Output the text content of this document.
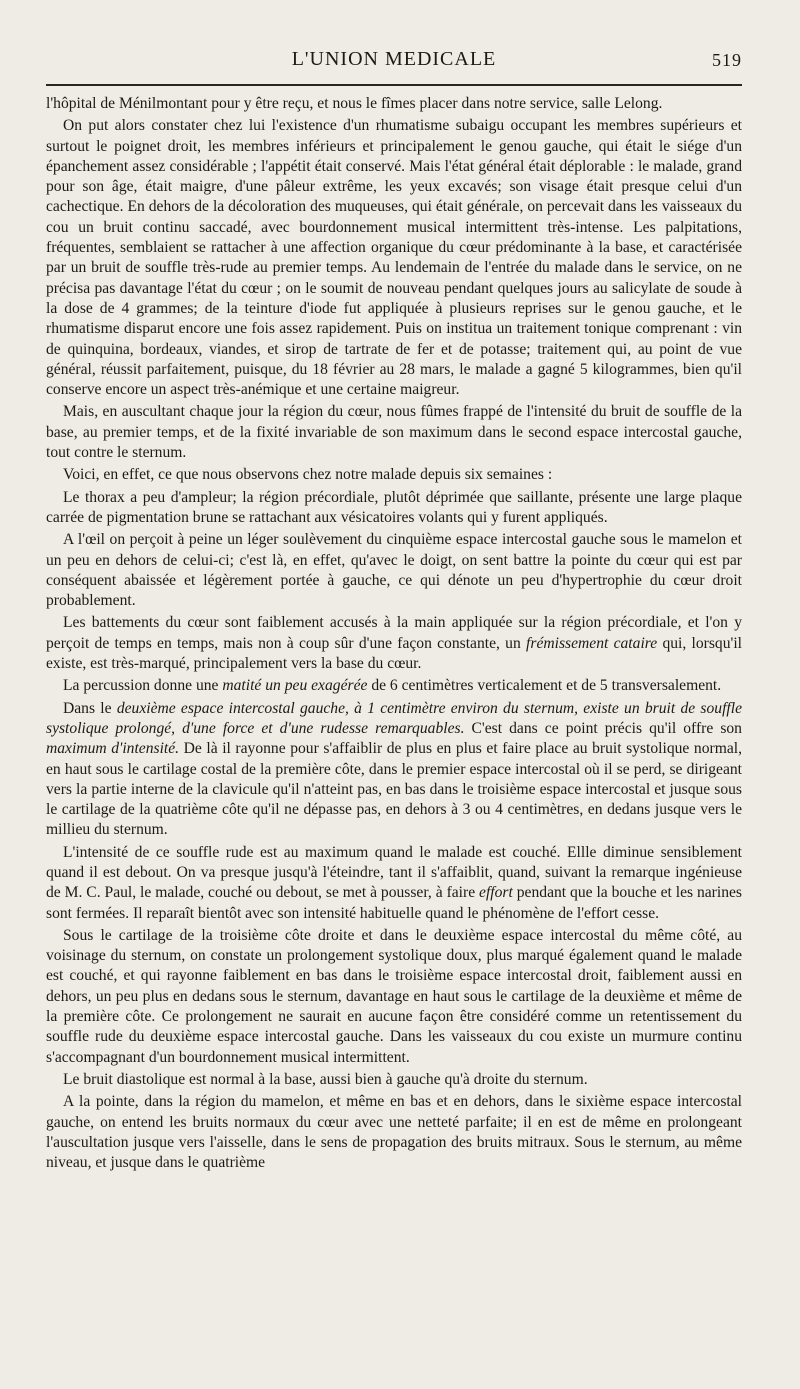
L'UNION MEDICALE	519

l'hôpital de Ménilmontant pour y être reçu, et nous le fîmes placer dans notre service, salle Lelong.

On put alors constater chez lui l'existence d'un rhumatisme subaigu occupant les membres supérieurs et surtout le poignet droit, les membres inférieurs et principalement le genou gauche, qui était le siége d'un épanchement assez considérable ; l'appétit était conservé. Mais l'état général était déplorable : le malade, grand pour son âge, était maigre, d'une pâleur extrême, les yeux excavés; son visage était presque celui d'un cachectique. En dehors de la décoloration des muqueuses, qui était générale, on percevait dans les vaisseaux du cou un bruit continu saccadé, avec bourdonnement musical intermittent très-intense. Les palpitations, fréquentes, semblaient se rattacher à une affection organique du cœur prédominante à la base, et caractérisée par un bruit de souffle très-rude au premier temps. Au lendemain de l'entrée du malade dans le service, on ne précisa pas davantage l'état du cœur ; on le soumit de nouveau pendant quelques jours au salicylate de soude à la dose de 4 grammes; de la teinture d'iode fut appliquée à plusieurs reprises sur le genou gauche, et le rhumatisme disparut encore une fois assez rapidement. Puis on institua un traitement tonique comprenant : vin de quinquina, bordeaux, viandes, et sirop de tartrate de fer et de potasse; traitement qui, au point de vue général, réussit parfaitement, puisque, du 18 février au 28 mars, le malade a gagné 5 kilogrammes, bien qu'il conserve encore un aspect très-anémique et une certaine maigreur.

Mais, en auscultant chaque jour la région du cœur, nous fûmes frappé de l'intensité du bruit de souffle de la base, au premier temps, et de la fixité invariable de son maximum dans le second espace intercostal gauche, tout contre le sternum.

Voici, en effet, ce que nous observons chez notre malade depuis six semaines :

Le thorax a peu d'ampleur; la région précordiale, plutôt déprimée que saillante, présente une large plaque carrée de pigmentation brune se rattachant aux vésicatoires volants qui y furent appliqués.

A l'œil on perçoit à peine un léger soulèvement du cinquième espace intercostal gauche sous le mamelon et un peu en dehors de celui-ci; c'est là, en effet, qu'avec le doigt, on sent battre la pointe du cœur qui est par conséquent abaissée et légèrement portée à gauche, ce qui dénote un peu d'hypertrophie du cœur droit probablement.

Les battements du cœur sont faiblement accusés à la main appliquée sur la région précordiale, et l'on y perçoit de temps en temps, mais non à coup sûr d'une façon constante, un frémissement cataire qui, lorsqu'il existe, est très-marqué, principalement vers la base du cœur.

La percussion donne une matité un peu exagérée de 6 centimètres verticalement et de 5 transversalement.

Dans le deuxième espace intercostal gauche, à 1 centimètre environ du sternum, existe un bruit de souffle systolique prolongé, d'une force et d'une rudesse remarquables. C'est dans ce point précis qu'il offre son maximum d'intensité. De là il rayonne pour s'affaiblir de plus en plus et faire place au bruit systolique normal, en haut sous le cartilage costal de la première côte, dans le premier espace intercostal où il se perd, se dirigeant vers la partie interne de la clavicule qu'il n'atteint pas, en bas dans le troisième espace intercostal et jusque sous le cartilage de la quatrième côte qu'il ne dépasse pas, en dehors à 3 ou 4 centimètres, en dedans jusque vers le millieu du sternum.

L'intensité de ce souffle rude est au maximum quand le malade est couché. Ellle diminue sensiblement quand il est debout. On va presque jusqu'à l'éteindre, tant il s'affaiblit, quand, suivant la remarque ingénieuse de M. C. Paul, le malade, couché ou debout, se met à pousser, à faire effort pendant que la bouche et les narines sont fermées. Il reparaît bientôt avec son intensité habituelle quand le phénomène de l'effort cesse.

Sous le cartilage de la troisième côte droite et dans le deuxième espace intercostal du même côté, au voisinage du sternum, on constate un prolongement systolique doux, plus marqué également quand le malade est couché, et qui rayonne faiblement en bas dans le troisième espace intercostal droit, faiblement aussi en dehors, un peu plus en dedans sous le sternum, davantage en haut sous le cartilage de la deuxième et même de la première côte. Ce prolongement ne saurait en aucune façon être considéré comme un retentissement du souffle rude du deuxième espace intercostal gauche. Dans les vaisseaux du cou existe un murmure continu s'accompagnant d'un bourdonnement musical intermittent.

Le bruit diastolique est normal à la base, aussi bien à gauche qu'à droite du sternum.

A la pointe, dans la région du mamelon, et même en bas et en dehors, dans le sixième espace intercostal gauche, on entend les bruits normaux du cœur avec une netteté parfaite; il en est de même en prolongeant l'auscultation jusque vers l'aisselle, dans le sens de propagation des bruits mitraux. Sous le sternum, au même niveau, et jusque dans le quatrième
